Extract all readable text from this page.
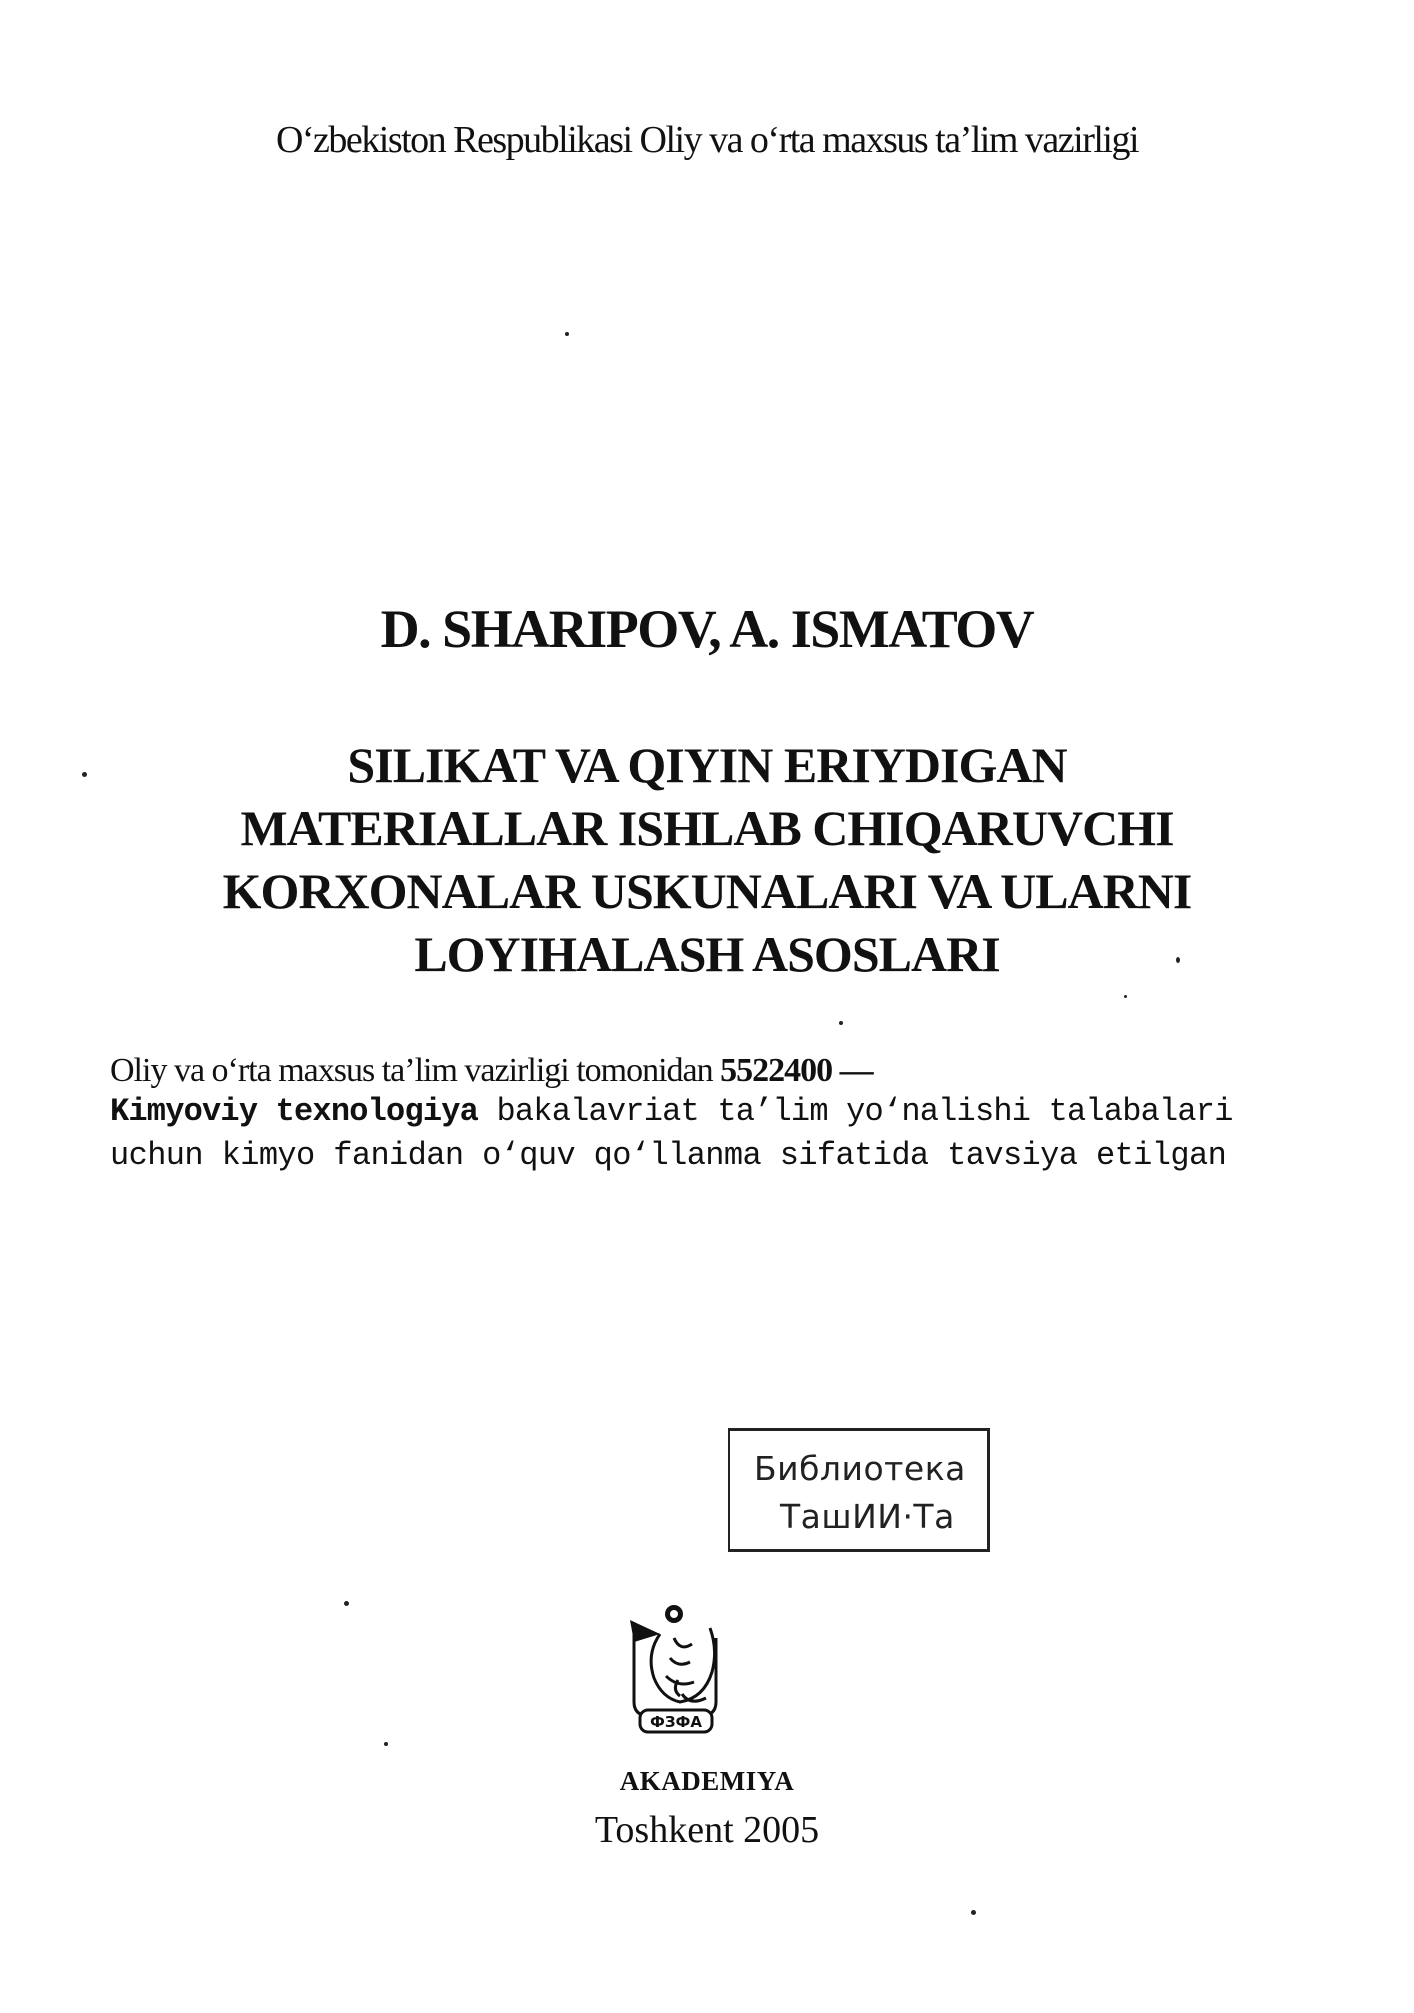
O‘zbekiston Respublikasi Oliy va o‘rta maxsus ta’lim vazirligi
D. SHARIPOV, A. ISMATOV
SILIKAT VA QIYIN ERIYDIGAN
MATERIALLAR ISHLAB CHIQARUVCHI
KORXONALAR USKUNALARI VA ULARNI
LOYIHALASH ASOSLARI
Oliy va o‘rta maxsus ta’lim vazirligi tomonidan 5522400 —
Kimyoviy texnologiya bakalavriat ta’lim yo‘nalishi talabalari
uchun kimyo fanidan o‘quv qo‘llanma sifatida tavsiya etilgan
Библиотека
ТашИИ·Та
ФЗФА
AKADEMIYA
Toshkent 2005
